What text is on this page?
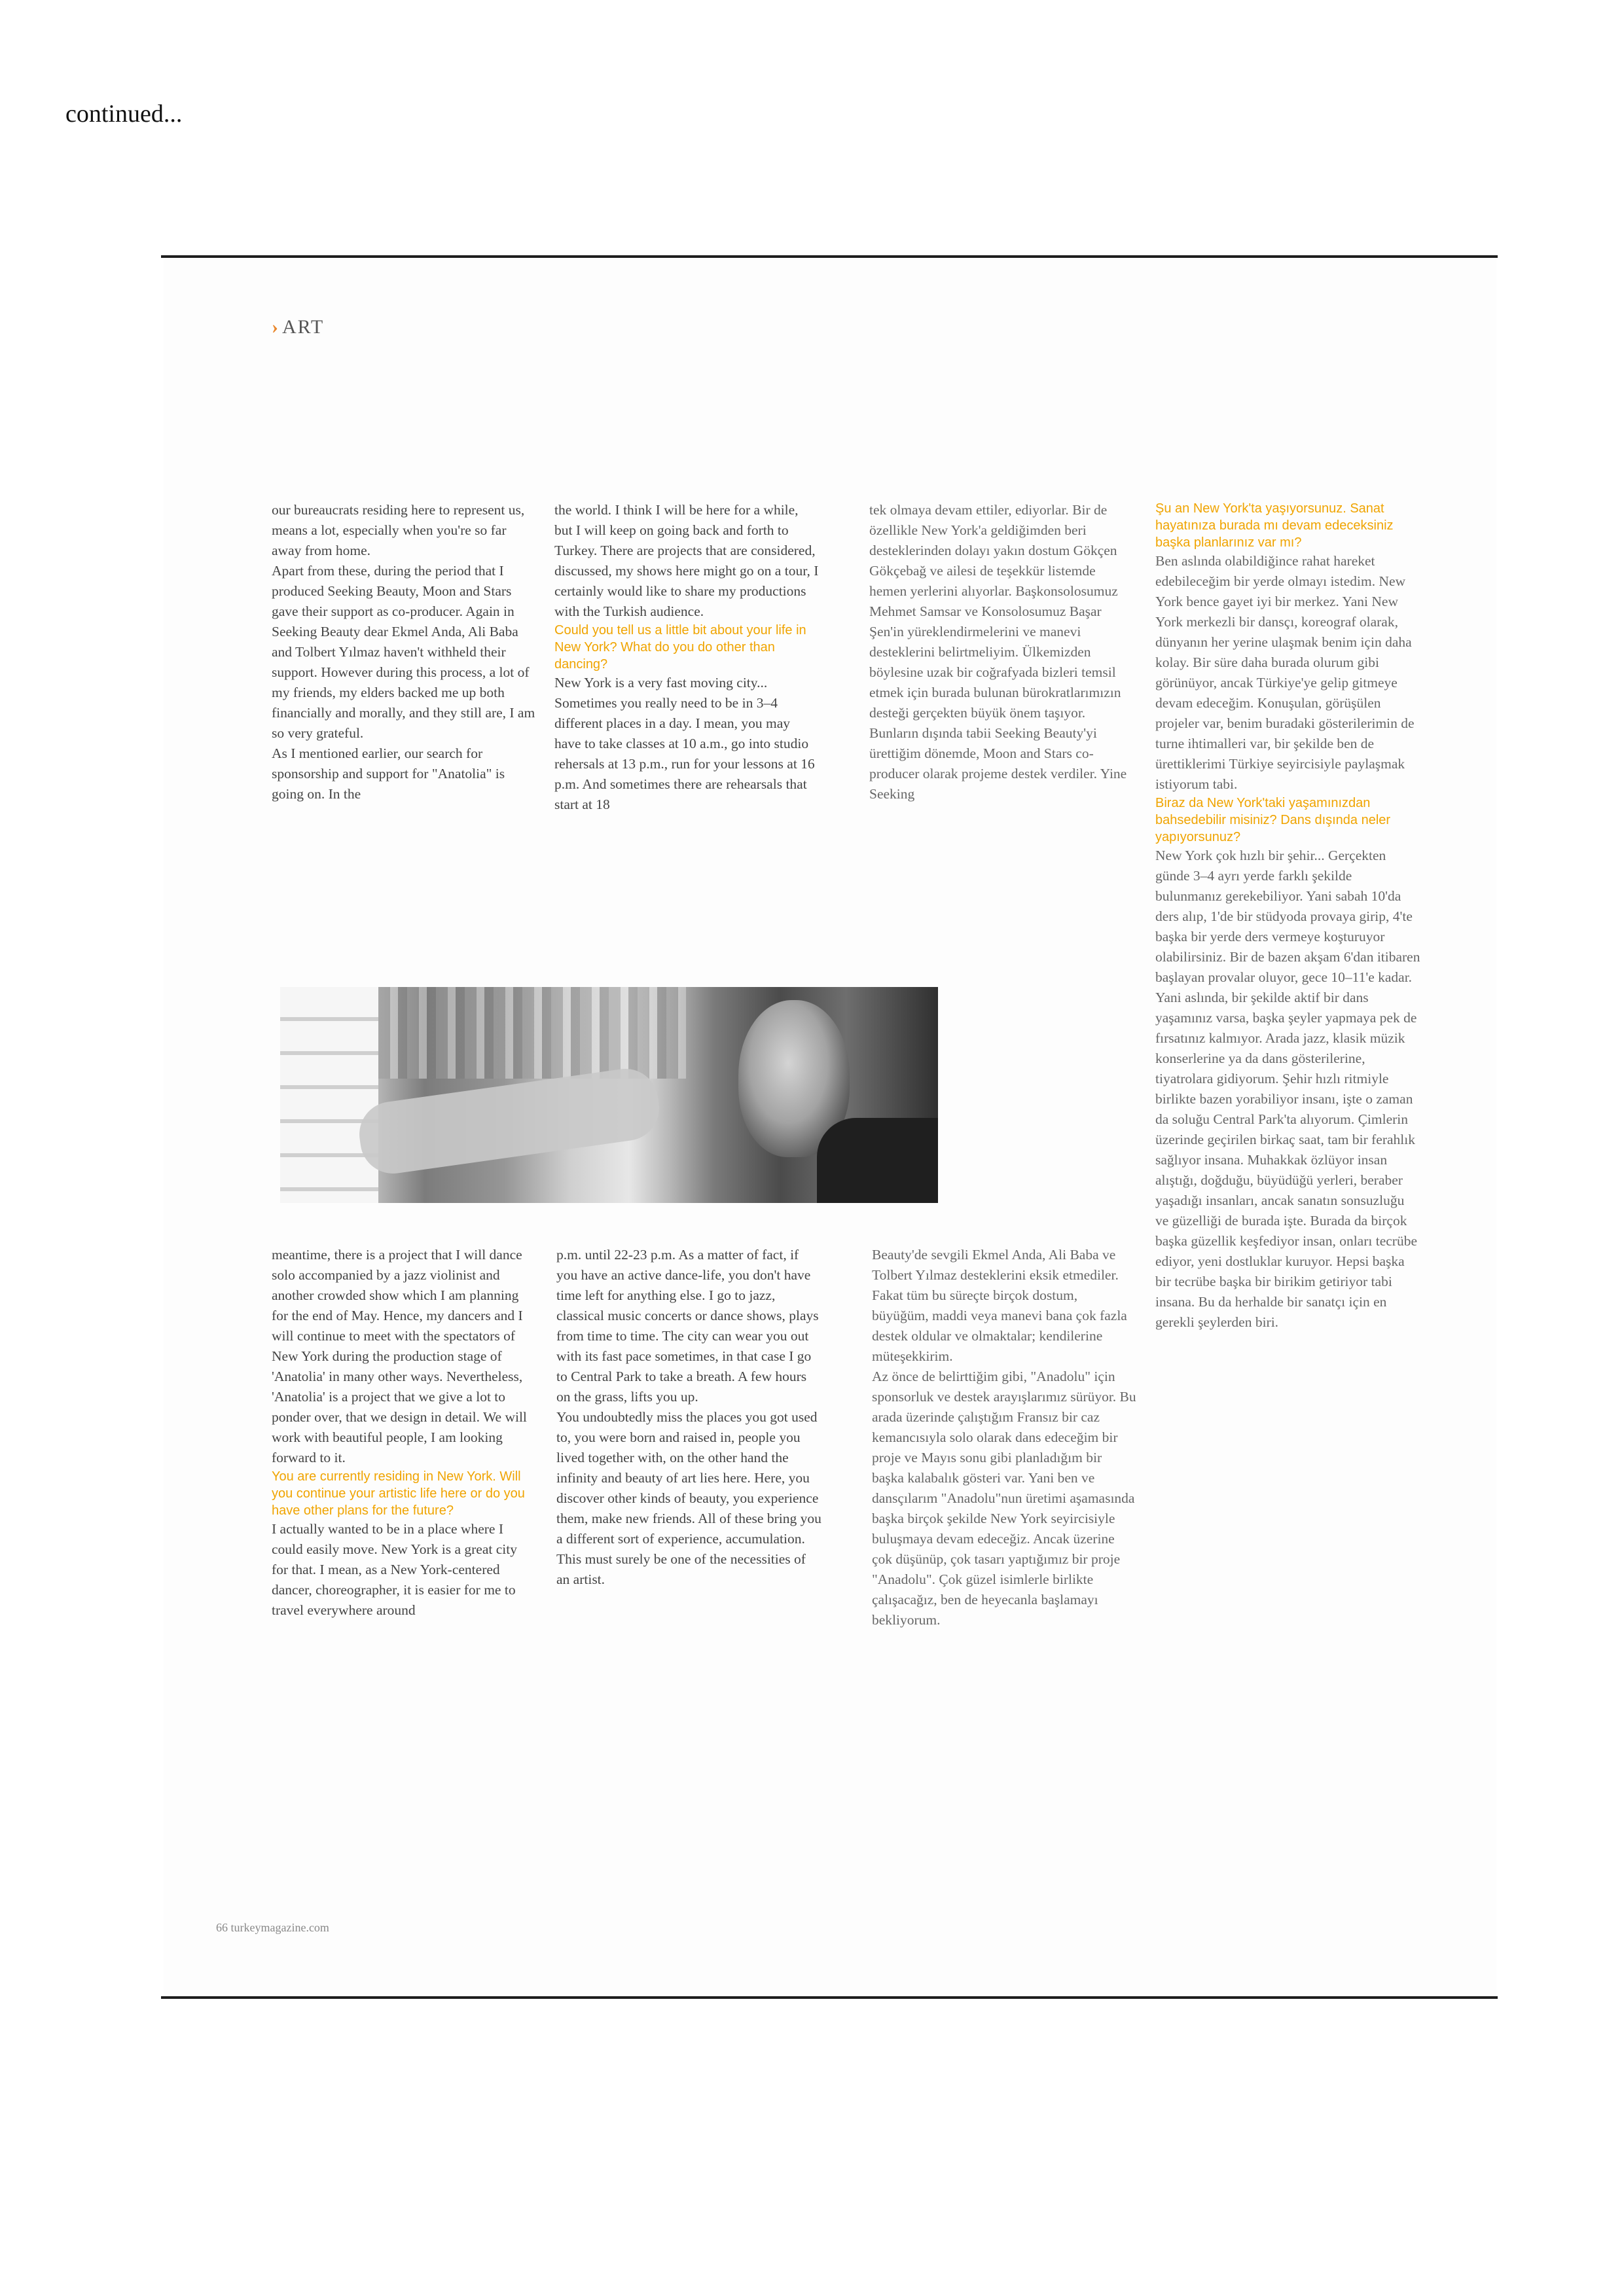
continued...
› ART

our bureaucrats residing here to represent us, means a lot, especially when you're so far away from home.

Apart from these, during the period that I produced Seeking Beauty, Moon and Stars gave their support as co-producer. Again in Seeking Beauty dear Ekmel Anda, Ali Baba and Tolbert Yılmaz haven't withheld their support. However during this process, a lot of my friends, my elders backed me up both financially and morally, and they still are, I am so very grateful.

As I mentioned earlier, our search for sponsorship and support for "Anatolia" is going on. In the

the world. I think I will be here for a while, but I will keep on going back and forth to Turkey. There are projects that are considered, discussed, my shows here might go on a tour, I certainly would like to share my productions with the Turkish audience.

Could you tell us a little bit about your life in New York? What do you do other than dancing?

New York is a very fast moving city... Sometimes you really need to be in 3–4 different places in a day. I mean, you may have to take classes at 10 a.m., go into studio rehersals at 13 p.m., run for your lessons at 16 p.m. And sometimes there are rehearsals that start at 18

tek olmaya devam ettiler, ediyorlar. Bir de özellikle New York'a geldiğimden beri desteklerinden dolayı yakın dostum Gökçen Gökçebağ ve ailesi de teşekkür listemde hemen yerlerini alıyorlar. Başkonsolosumuz Mehmet Samsar ve Konsolosumuz Başar Şen'in yüreklendirmelerini ve manevi desteklerini belirtmeliyim. Ülkemizden böylesine uzak bir coğrafyada bizleri temsil etmek için burada bulunan bürokratlarımızın desteği gerçekten büyük önem taşıyor.

Bunların dışında tabii Seeking Beauty'yi ürettiğim dönemde, Moon and Stars co-producer olarak projeme destek verdiler. Yine Seeking

Şu an New York'ta yaşıyorsunuz. Sanat hayatınıza burada mı devam edeceksiniz başka planlarınız var mı?

Ben aslında olabildiğince rahat hareket edebileceğim bir yerde olmayı istedim. New York bence gayet iyi bir merkez. Yani New York merkezli bir dansçı, koreograf olarak, dünyanın her yerine ulaşmak benim için daha kolay. Bir süre daha burada olurum gibi görünüyor, ancak Türkiye'ye gelip gitmeye devam edeceğim. Konuşulan, görüşülen projeler var, benim buradaki gösterilerimin de turne ihtimalleri var, bir şekilde ben de ürettiklerimi Türkiye seyircisiyle paylaşmak istiyorum tabi.

Biraz da New York'taki yaşamınızdan bahsedebilir misiniz? Dans dışında neler yapıyorsunuz?

New York çok hızlı bir şehir... Gerçekten günde 3–4 ayrı yerde farklı şekilde bulunmanız gerekebiliyor. Yani sabah 10'da ders alıp, 1'de bir stüdyoda provaya girip, 4'te başka bir yerde ders vermeye koşturuyor olabilirsiniz. Bir de bazen akşam 6'dan itibaren başlayan provalar oluyor, gece 10–11'e kadar. Yani aslında, bir şekilde aktif bir dans yaşamınız varsa, başka şeyler yapmaya pek de fırsatınız kalmıyor. Arada jazz, klasik müzik konserlerine ya da dans gösterilerine, tiyatrolara gidiyorum. Şehir hızlı ritmiyle birlikte bazen yorabiliyor insanı, işte o zaman da soluğu Central Park'ta alıyorum. Çimlerin üzerinde geçirilen birkaç saat, tam bir ferahlık sağlıyor insana. Muhakkak özlüyor insan alıştığı, doğduğu, büyüdüğü yerleri, beraber yaşadığı insanları, ancak sanatın sonsuzluğu ve güzelliği de burada işte. Burada da birçok başka güzellik keşfediyor insan, onları tecrübe ediyor, yeni dostluklar kuruyor. Hepsi başka bir tecrübe başka bir birikim getiriyor tabi insana. Bu da herhalde bir sanatçı için en gerekli şeylerden biri.

meantime, there is a project that I will dance solo accompanied by a jazz violinist and another crowded show which I am planning for the end of May. Hence, my dancers and I will continue to meet with the spectators of New York during the production stage of 'Anatolia' in many other ways. Nevertheless, 'Anatolia' is a project that we give a lot to ponder over, that we design in detail. We will work with beautiful people, I am looking forward to it.

You are currently residing in New York. Will you continue your artistic life here or do you have other plans for the future?

I actually wanted to be in a place where I could easily move. New York is a great city for that. I mean, as a New York-centered dancer, choreographer, it is easier for me to travel everywhere around

p.m. until 22-23 p.m. As a matter of fact, if you have an active dance-life, you don't have time left for anything else. I go to jazz, classical music concerts or dance shows, plays from time to time. The city can wear you out with its fast pace sometimes, in that case I go to Central Park to take a breath. A few hours on the grass, lifts you up.

You undoubtedly miss the places you got used to, you were born and raised in, people you lived together with, on the other hand the infinity and beauty of art lies here. Here, you discover other kinds of beauty, you experience them, make new friends. All of these bring you a different sort of experience, accumulation. This must surely be one of the necessities of an artist.

Beauty'de sevgili Ekmel Anda, Ali Baba ve Tolbert Yılmaz desteklerini eksik etmediler. Fakat tüm bu süreçte birçok dostum, büyüğüm, maddi veya manevi bana çok fazla destek oldular ve olmaktalar; kendilerine müteşekkirim.

Az önce de belirttiğim gibi, "Anadolu" için sponsorluk ve destek arayışlarımız sürüyor. Bu arada üzerinde çalıştığım Fransız bir caz kemancısıyla solo olarak dans edeceğim bir proje ve Mayıs sonu gibi planladığım bir başka kalabalık gösteri var. Yani ben ve dansçılarım "Anadolu"nun üretimi aşamasında başka birçok şekilde New York seyircisiyle buluşmaya devam edeceğiz. Ancak üzerine çok düşünüp, çok tasarı yaptığımız bir proje "Anadolu". Çok güzel isimlerle birlikte çalışacağız, ben de heyecanla başlamayı bekliyorum.

66 turkeymagazine.com
